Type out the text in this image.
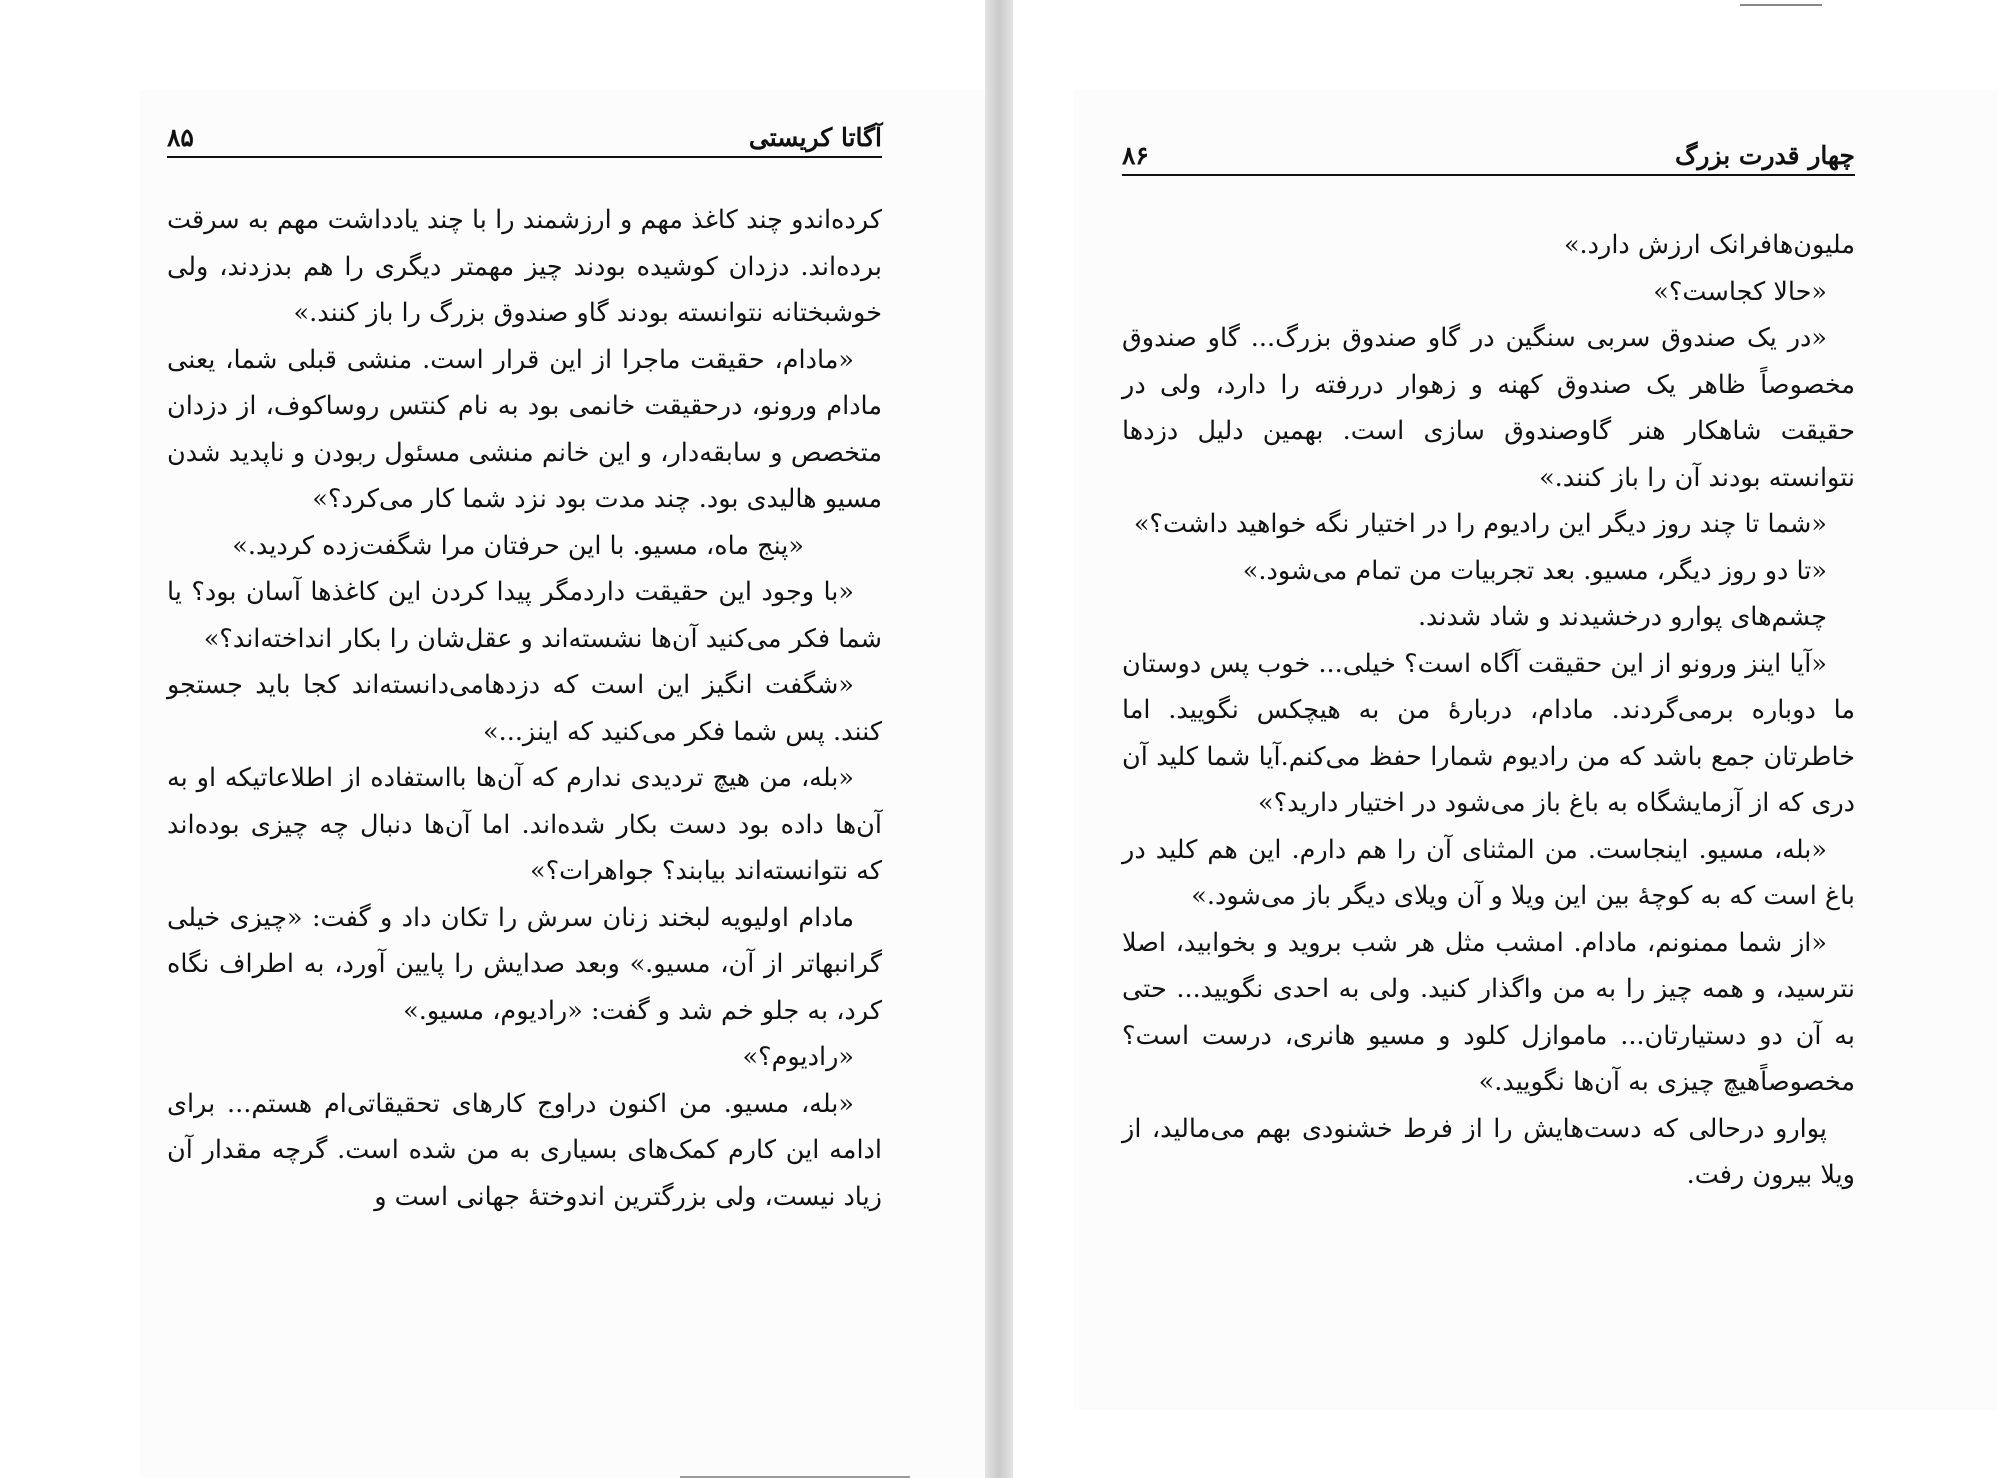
آگاتا کریستی
۸۵

کرده‌اندو چند کاغذ مهم و ارزشمند را با چند یادداشت مهم به سرقت برده‌اند. دزدان کوشیده بودند چیز مهمتر دیگری را هم بدزدند، ولی خوشبختانه نتوانسته بودند گاو صندوق بزرگ را باز کنند.»

«مادام، حقیقت ماجرا از این قرار است. منشی قبلی شما، یعنی مادام ورونو، درحقیقت خانمی بود به نام کنتس روساکوف، از دزدان متخصص و سابقه‌دار، و این خانم منشی مسئول ربودن و ناپدید شدن مسیو هالیدی بود. چند مدت بود نزد شما کار می‌کرد؟»

«پنج ماه، مسیو. با این حرفتان مرا شگفت‌زده کردید.»

«با وجود این حقیقت داردمگر پیدا کردن این کاغذها آسان بود؟ یا شما فکر می‌کنید آن‌ها نشسته‌اند و عقل‌شان را بکار انداخته‌اند؟»

«شگفت انگیز این است که دزدهامی‌دانسته‌اند کجا باید جستجو کنند. پس شما فکر می‌کنید که اینز...»

«بله، من هیچ تردیدی ندارم که آن‌ها بااستفاده از اطلاعاتیکه او به آن‌ها داده بود دست بکار شده‌اند. اما آن‌ها دنبال چه چیزی بوده‌اند که نتوانسته‌اند بیابند؟ جواهرات؟»

مادام اولیویه لبخند زنان سرش را تکان داد و گفت: «چیزی خیلی گرانبهاتر از آن، مسیو.» وبعد صدایش را پایین آورد، به اطراف نگاه کرد، به جلو خم شد و گفت: «رادیوم، مسیو.»

«رادیوم؟»

«بله، مسیو. من اکنون دراوج کارهای تحقیقاتی‌ام هستم... برای ادامه این کارم کمک‌های بسیاری به من شده است. گرچه مقدار آن زیاد نیست، ولی بزرگترین اندوختهٔ جهانی است و

چهار قدرت بزرگ
۸۶

ملیون‌هافرانک ارزش دارد.»

«حالا کجاست؟»

«در یک صندوق سربی سنگین در گاو صندوق بزرگ... گاو صندوق مخصوصاً ظاهر یک صندوق کهنه و زهوار دررفته را دارد، ولی در حقیقت شاهکار هنر گاوصندوق سازی است. بهمین دلیل دزدها نتوانسته بودند آن را باز کنند.»

«شما تا چند روز دیگر این رادیوم را در اختیار نگه خواهید داشت؟»

«تا دو روز دیگر، مسیو. بعد تجربیات من تمام می‌شود.»

چشم‌های پوارو درخشیدند و شاد شدند.

«آیا اینز ورونو از این حقیقت آگاه است؟ خیلی... خوب پس دوستان ما دوباره برمی‌گردند. مادام، دربارهٔ من به هیچکس نگویید. اما خاطرتان جمع باشد که من رادیوم شمارا حفظ می‌کنم.آیا شما کلید آن دری که از آزمایشگاه به باغ باز می‌شود در اختیار دارید؟»

«بله، مسیو. اینجاست. من المثنای آن را هم دارم. این هم کلید در باغ است که به کوچهٔ بین این ویلا و آن ویلای دیگر باز می‌شود.»

«از شما ممنونم، مادام. امشب مثل هر شب بروید و بخوابید، اصلا نترسید، و همه چیز را به من واگذار کنید. ولی به احدی نگویید... حتی به آن دو دستیارتان... ماموازل کلود و مسیو هانری، درست است؟ مخصوصاًهیچ چیزی به آن‌ها نگویید.»

پوارو درحالی که دست‌هایش را از فرط خشنودی بهم می‌مالید، از ویلا بیرون رفت.
